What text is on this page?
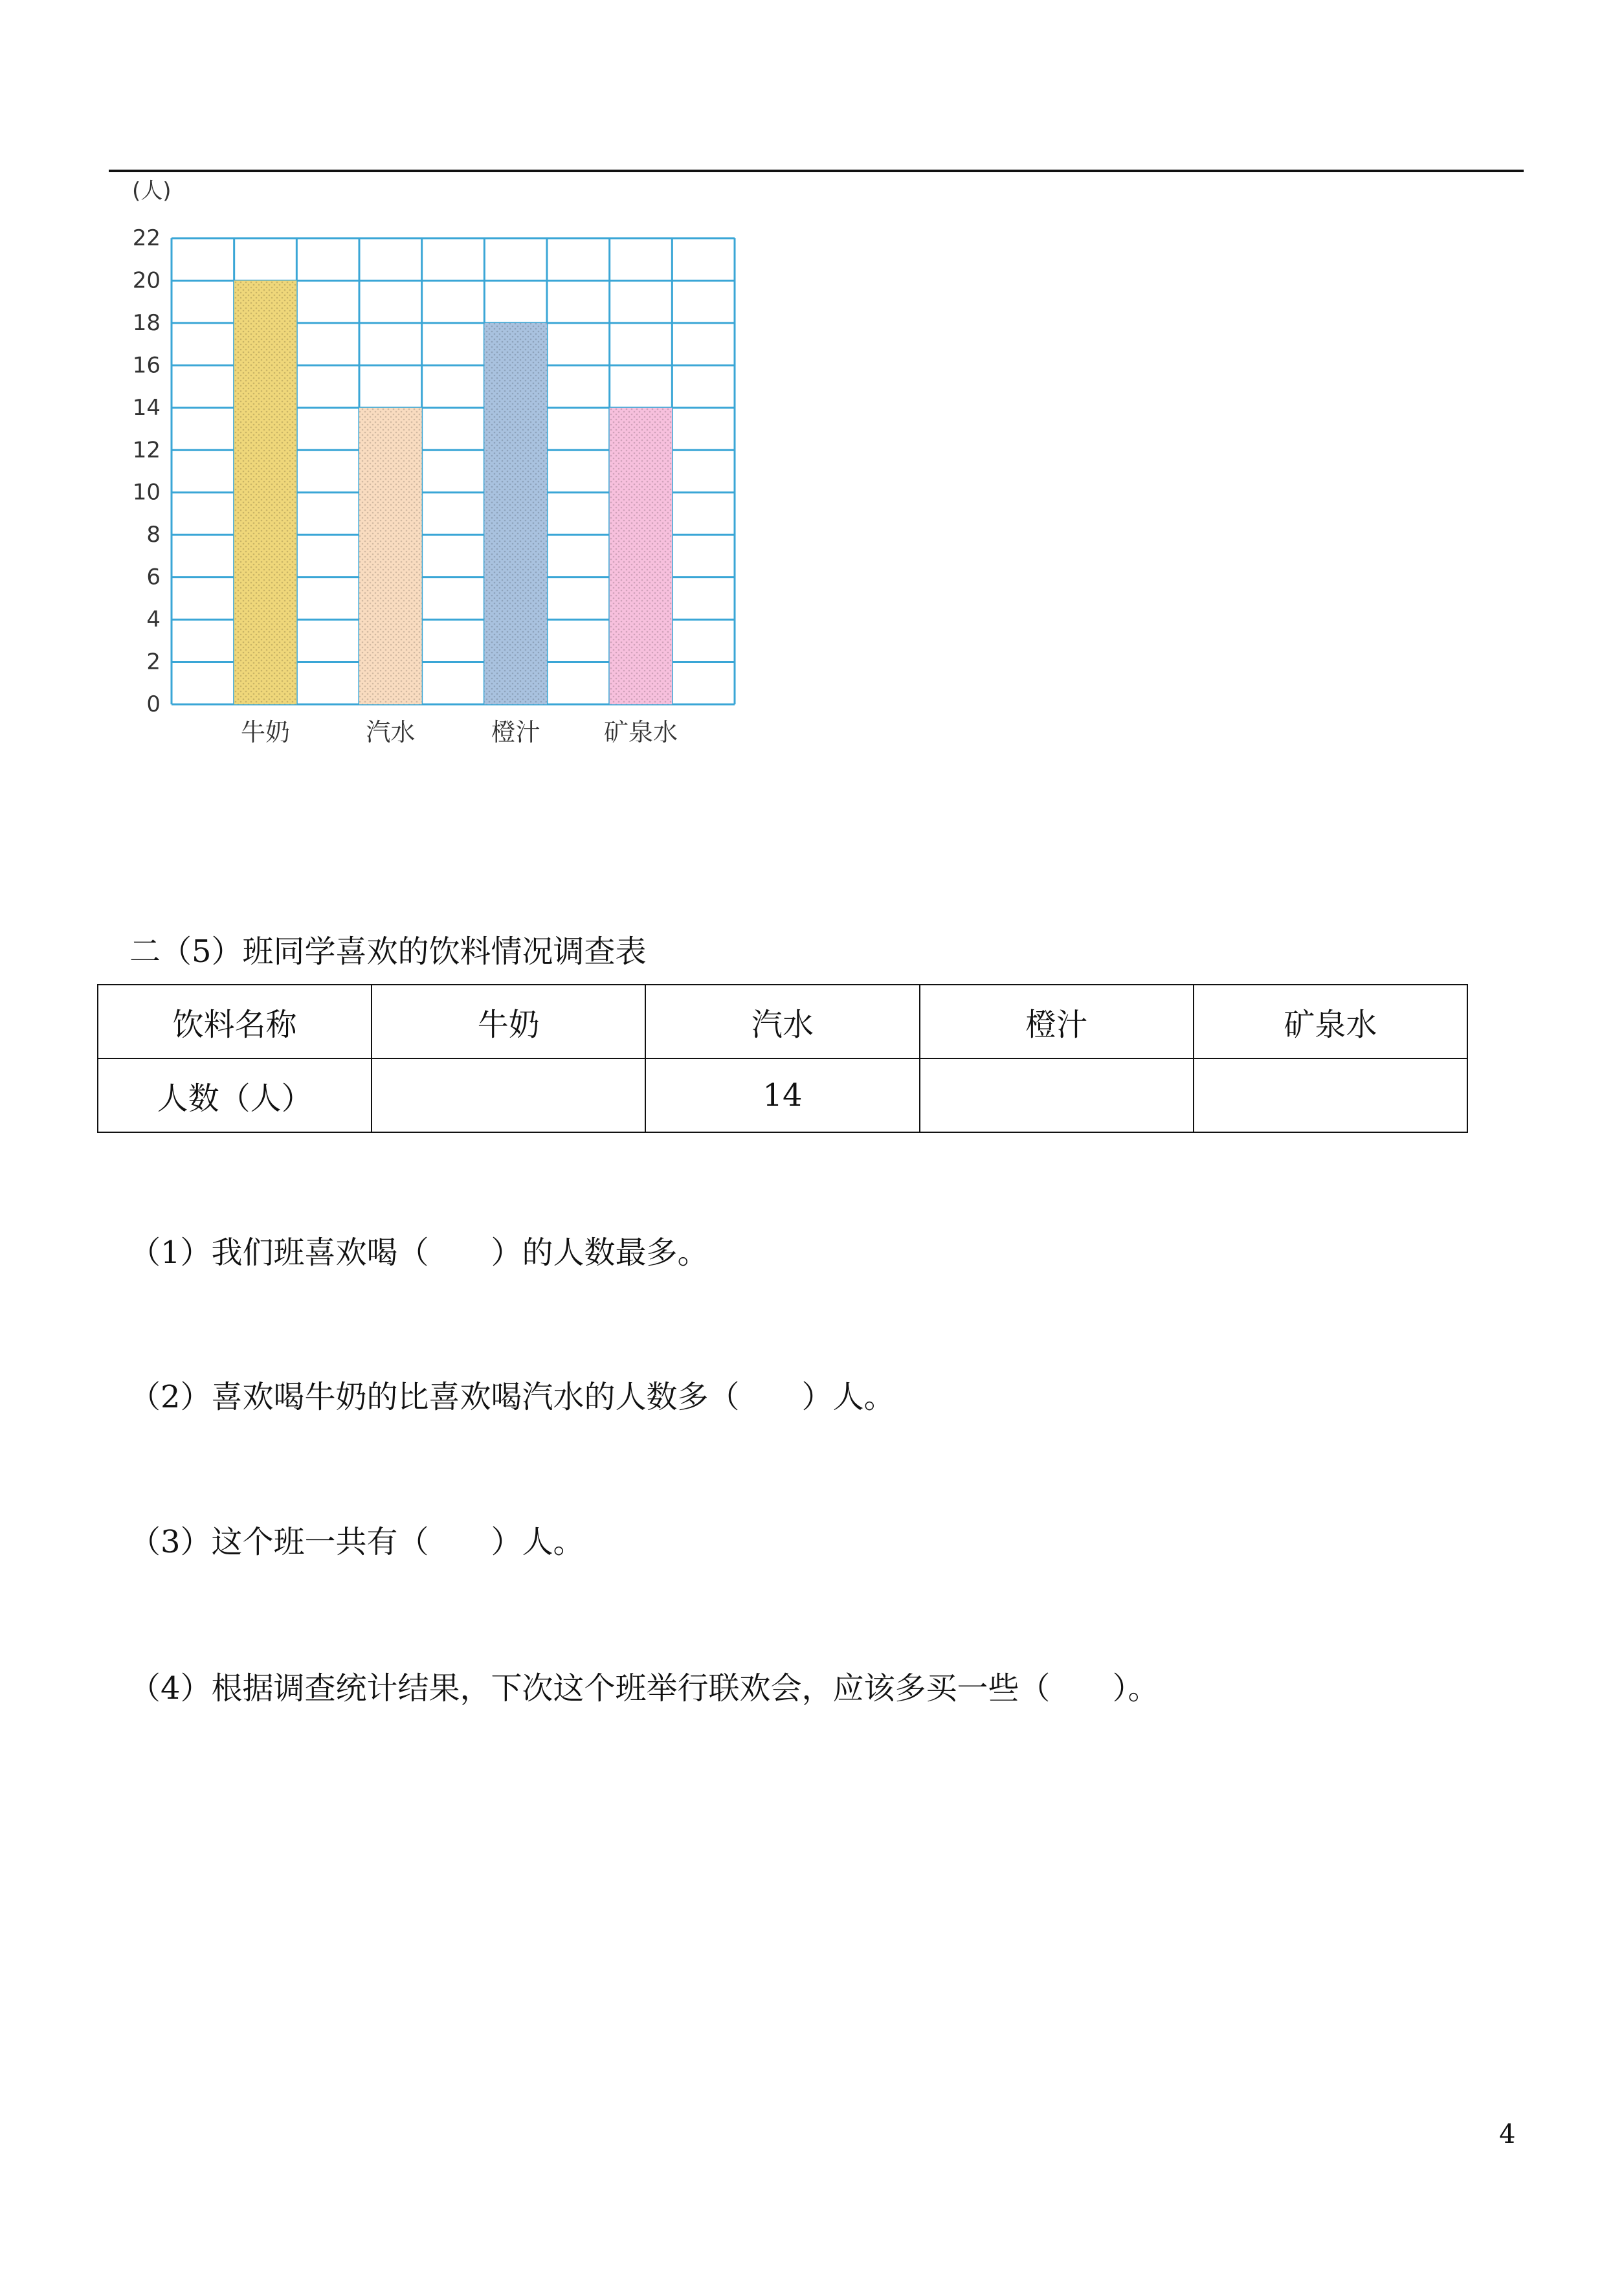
(人)
0
2
4
6
8
10
12
14
16
18
20
22
牛奶	汽水	橙汁	矿泉水
二（5）班同学喜欢的饮料情况调查表
饮料名称	牛奶	汽水	橙汁	矿泉水
人数（人）		14		
（1）我们班喜欢喝（　　）的人数最多。
（2）喜欢喝牛奶的比喜欢喝汽水的人数多（　　）人。
（3）这个班一共有（　　）人。
（4）根据调查统计结果，下次这个班举行联欢会，应该多买一些（　　）。
4
